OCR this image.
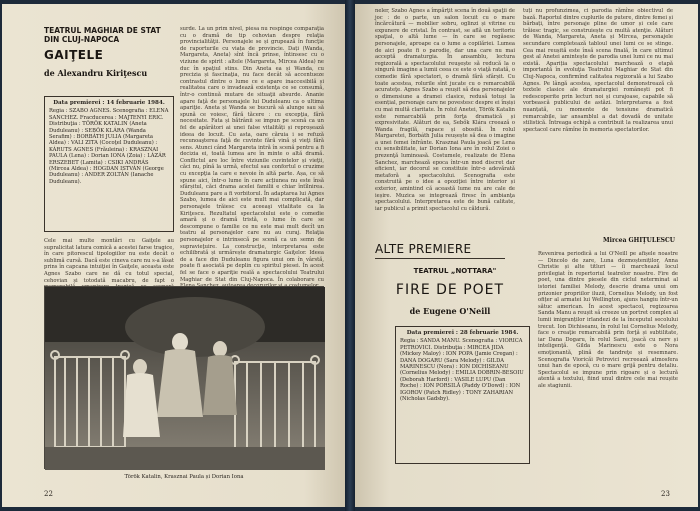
TEATRUL MAGHIAR DE STAT
DIN CLUJ-NAPOCA
GAIŢELE
de Alexandru Kiriţescu
Data premierei : 14 februarie 1984.
Regia : SZABO AGNES. Scenografia : ELENA SANCHEZ. Fracducerea : MAJTENYI ERIC. Distribuţia : TÖRÖK KATALIN (Aneta Duduleanu) : SEBŐK KLÁRA (Wanda Serafim) : BORBÁTH JULIA (Margareta Aldea) : VALI ZITA (Cocoţel Duduleanu) : KÁRUTS AGNES (Frăuleina) : KRASZNAI PAULA (Lena) : Dorian IONA (Zoia) : LÁZÁR ERSZEBET (Lamita) : CSIKI ANDRÁS (Mircea Aldea) : HOGDAN ISTVÁN (George Duduleanu) : ANDER ZOLTÁN (Ianache Duduleanu).

Cele mai multe montări cu Gaiţele au supralicitat latura comică a acestei farse tragice, în care pitorescul tipologiilor nu este decât o sublimă cursă. Dacă este cineva care nu s-a lăsat prins în capcana intuiţiei în Gaiţele, aceasta este Agnes Szabo care ne dă cu totul special, cehovian și totodată macabru, de fapt o

surde. La un prim nivel, piesa nu respinge comparaţia cu o dramă de tip cehovian despre relaţia provincialităţii. Personajele se și grupează în funcţie de raporturile cu viața de provincie. Dați (Wanda, Margareta, Aneta) sînt încă prinse, întinsesc cu o viziune de spirit : altele (Margareta, Mircea Aldea) ne duc în spaţiul stins. Din Aneta ea și Wanda, cu precizia și fascinaţia, nu face decât să accentueze contrastul dintre o lume ce e apare inaccesibilă și realitatea care o invadează existenţa ce se consumă, într-o continuă mutare de situaţii absurde. Ananie apare faţă de personajele lui Duduleanu ca o ultima apariţie. Aneta și Wanda se bucură să alunge sau să spună ce voiesc, fără tăcere : cu excepţia, fără necesitate. Fata și bătrânii se impun pe scenă ca un fel de apărători ai unei false vitalități și reproșează ideea de locuit. Cu asta, oare căruia i se refuză recunoaşterea faţă de cuvinte fără vină și vieţi fără sens. Atunci când Margareta intră în scenă pentru a fi decizia ei, toată lumea are în minte o altă dramă. Conflictul are loc între viziunile cuvintelor și vieţii, căci nu, pînă la urmă, efectul sau confortul o cruzime cu excepţia la care e nevoie în altă parte. Așa, ce să spune aici, într-o lume în care acțiunea nu este însă sfârșitul, căci drama acelei familii e chiar întîlnirea. Duduleanu pare a fi vorbitorul. În adaptarea lui Agnes Szabo, lumea de aici este mult mai complicată, dar personajele trăiesc cu aceeaşi vitalitate ca la Kiriţescu. Rezultatul spectacolului este o comedie amară și o dramă tristă, o lume în care se descompune o familie ce nu este mai mult decît un teatru al personajelor care nu au curaj. Relaţia personajelor e intrinsecă pe scenă ca un semn de supravieţuire. La construcţie, interpretarea este echilibrată și urmărește dramaturgic Gaiţelor. Ideea de a face din Duduleanu figura unui om în vârstă, poate fi asociată pe deplin cu spiritul piesei. În acest fel se face o apariţie reală a spectacolului Teatrului Maghiar de Stat din Cluj-Napoca. În colaborare cu

Török Katalin, Krasznai Paula și Dorian Iona
22

neler, Szabo Agnes a împărţit scena în două spaţii de joc : de o parte, un salon locuit cu o mare încărcătură — mobilier sobru, oglinzi și vitrine cu expunere de cristal. În contrast, se află un teritoriu spaţial, o altă lume — în care se regăsesc personajele, aproape ca o lume a copilăriei. Lumea de aici poate fi o parodie, dar una care nu mai acceptă dramaturgia. În ansamblu, lectura regizorală a spectacolului reuşește să reducă la o singură imagine a lumii ceea ce este o viaţă ratată, o comedie fără spectatori, o dramă fără sfârșit. Cu toate acestea, rolurile sînt jucate cu o remarcabilă acurateţe. Agnes Szabo a reușit să dea personajelor o dimensiune a dramei clasice, redusă totuși la esențial, personaje care ne povestesc despre ei înșiși cu mai multă claritate. În rolul Anetei, Török Katalin este remarcabilă prin forţa dramatică și expresivitate. Alături de ea, Sebők Klára creează o Wanda fragilă, rapace și obosită. În rolul Margaretei, Borbáth Julia reușește să dea o imagine a unei femei înfrânte. Krasznai Paula joacă pe Lena cu sensibilitate, iar Dorian Iona are în rolul Zoiei o prezenţă luminoasă. Costumele, realizate de Elena Sanchez, marchează epoca într-un mod discret dar eficient, iar decorul se constituie într-o adevărată metaforă a spectacolului. Scenografia este construită pe o idee a opoziţiei între interior și exterior, amintind că această lume nu are cale de ieșire. Muzica se integrează firesc în ambianţa spectacolului. Interpretarea este de bună calitate, iar publicul a primit spectacolul cu căldură.

tuți nu profunzimea, ci parodia rămîne obiectivul de bază. Raportul dintre cuplurile de putere, dintre femei și bărbați, între personaje pline de umor și cele care trăiesc tragic, se construiește cu multă atenţie. Alături de Wanda, Margareta, Aneta și Mircea, personajele secundare completează tabloul unei lumi ce se stinge. Cea mai reușită este însă scena finală, în care ultimul gest al Anetei amintește de parodia unei lumi ce nu mai există. Apariția spectacolului marchează o etapă importantă în evoluţia Teatrului Maghiar de Stat din Cluj-Napoca, confirmînd calitatea regizorală a lui Szabo Agnes. Pe lângă acestea, spectacolul demonstrează că textele clasice ale dramaturgiei românești pot fi redescoperite prin lecturi noi și curajoase, capabile să vorbească publicului de astăzi. Interpretarea a fost nuanțată, cu momente de tensiune dramatică remarcabile, iar ansamblul a dat dovadă de unitate stilistică. Întreaga echipă a contribuit la realizarea unui spectacol care rămîne în memoria spectatorilor.

Mircea GHIŢULESCU
ALTE PREMIERE
TEATRUL „NOTTARA"
FIRE DE POET
de Eugene O'Neill
Data premierei : 28 februarie 1984.
Regia : SANDA MANU. Scenografia : VIORICA PETROVICI. Distribuţia : MIRCEA JIDA (Mickey Maloy) : ION POPA (Jamie Cregan) : DANA DOGARU (Sara Melody) : GILDA MARINESCU (Nora) : ION DICHISEANU (Cornelius Melody) : EMILIA DOBRIN-BESOIU (Deborah Harford) : VASILE LUPU (Dan Roche) : ION PORSILĂ (Paddy O'Dowd) : ION IGOROV (Patch Ridley) : TONY ZAHARIAN (Nicholas Gadsby).

Revenirea periodică a lui O'Neill pe afișele noastre — Dincolo de zare, Luna dezmoșteniților, Anna Christie și alte titluri — îi marchează locul privilegiat în repertoriul teatrelor noastre. Fire de poet, una dintre piesele din ciclul neterminat al istoriei familiei Melody, descrie drama unui om prizonier propriilor iluzii, Cornelius Melody, un fost ofițer al armatei lui Wellington, ajuns hangiu într-un sătuc american. În acest spectacol, regizoarea Sanda Manu a reușit să creeze un portret complex al lumii imigranților irlandezi de la începutul secolului trecut. Ion Dichiseanu, în rolul lui Cornelius Melody, face o creaţie remarcabilă prin forţă și subtilitate, iar Dana Dogaru, în rolul Sarei, joacă cu nerv și inteligenţă. Gilda Marinescu este o Nora emoţionantă, plină de tandreţe și resemnare. Scenografia Vioricăi Petrovici recreează atmosfera unui han de epocă, cu o mare grijă pentru detaliu. Spectacolul se impune prin rigoare și o lectură atentă a textului, fiind unul dintre cele mai reușite ale stagiunii.

23
